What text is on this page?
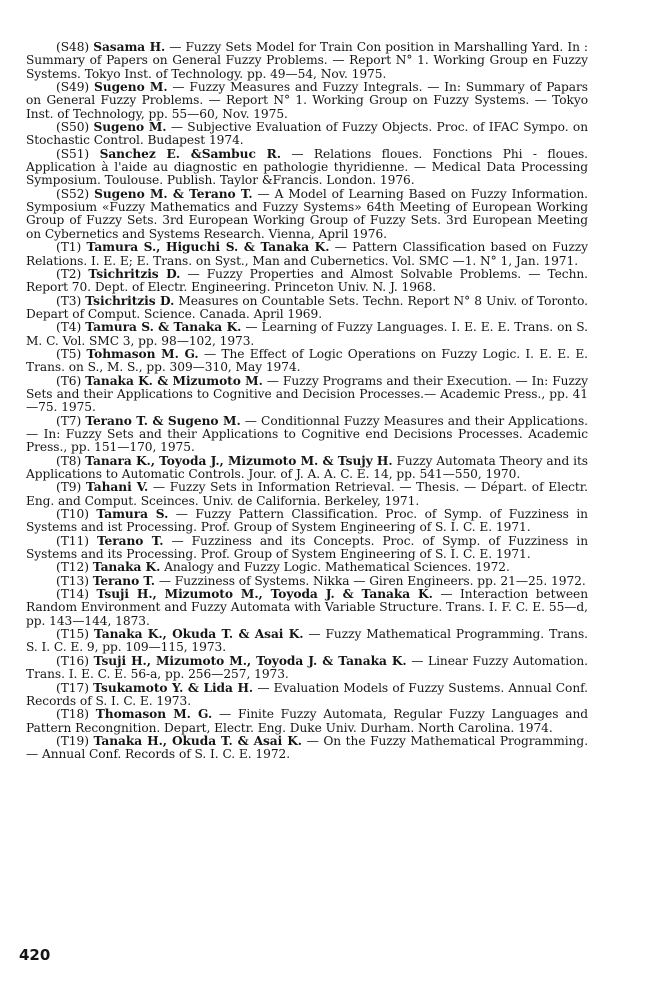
(S48) Sasama H. — Fuzzy Sets Model for Train Con position in Marshalling Yard. In : Summary of Papers on General Fuzzy Problems. — Report N° 1. Working Group en Fuzzy Systems. Tokyo Inst. of Technology. pp. 49—54, Nov. 1975.

(S49) Sugeno M. — Fuzzy Measures and Fuzzy Integrals. — In: Summary of Papars on General Fuzzy Problems. — Report N° 1. Working Group on Fuzzy Systems. — Tokyo Inst. of Technology, pp. 55—60, Nov. 1975.

(S50) Sugeno M. — Subjective Evaluation of Fuzzy Objects. Proc. of IFAC Sympo. on Stochastic Control. Budapest 1974.

(S51) Sanchez E. &Sambuc R. — Relations floues. Fonctions Phi - floues. Application à l'aide au diagnostic en pathologie thyridienne. — Medical Data Processing Symposium. Toulouse. Publish. Taylor &Francis. London. 1976.

(S52) Sugeno M. & Terano T. — A Model of Learning Based on Fuzzy Information. Symposium «Fuzzy Mathematics and Fuzzy Systems» 64th Meeting of European Working Group of Fuzzy Sets. 3rd European Working Group of Fuzzy Sets. 3rd European Meeting on Cybernetics and Systems Research. Vienna, April 1976.

(T1) Tamura S., Higuchi S. & Tanaka K. — Pattern Classification based on Fuzzy Relations. I. E. E; E. Trans. on Syst., Man and Cubernetics. Vol. SMC —1. N° 1, Jan. 1971.

(T2) Tsichritzis D. — Fuzzy Properties and Almost Solvable Problems. — Techn. Report 70. Dept. of Electr. Engineering. Princeton Univ. N. J. 1968.

(T3) Tsichritzis D. Measures on Countable Sets. Techn. Report N° 8 Univ. of Toronto. Depart of Comput. Science. Canada. April 1969.

(T4) Tamura S. & Tanaka K. — Learning of Fuzzy Languages. I. E. E. E. Trans. on S. M. C. Vol. SMC 3, pp. 98—102, 1973.

(T5) Tohmason M. G. — The Effect of Logic Operations on Fuzzy Logic. I. E. E. E. Trans. on S., M. S., pp. 309—310, May 1974.

(T6) Tanaka K. & Mizumoto M. — Fuzzy Programs and their Execution. — In: Fuzzy Sets and their Applications to Cognitive and Decision Processes.— Academic Press., pp. 41—75. 1975.

(T7) Terano T. & Sugeno M. — Conditionnal Fuzzy Measures and their Applications. — In: Fuzzy Sets and their Applications to Cognitive end Decisions Processes. Academic Press., pp. 151—170, 1975.

(T8) Tanara K., Toyoda J., Mizumoto M. & Tsujy H. Fuzzy Automata Theory and its Applications to Automatic Controls. Jour. of J. A. A. C. E. 14, pp. 541—550, 1970.

(T9) Tahani V. — Fuzzy Sets in Information Retrieval. — Thesis. — Départ. of Electr. Eng. and Comput. Sceinces. Univ. de California. Berkeley, 1971.

(T10) Tamura S. — Fuzzy Pattern Classification. Proc. of Symp. of Fuzziness in Systems and ist Processing. Prof. Group of System Engineering of S. I. C. E. 1971.

(T11) Terano T. — Fuzziness and its Concepts. Proc. of Symp. of Fuzziness in Systems and its Processing. Prof. Group of System Engineering of S. I. C. E. 1971.

(T12) Tanaka K. Analogy and Fuzzy Logic. Mathematical Sciences. 1972.

(T13) Terano T. — Fuzziness of Systems. Nikka — Giren Engineers. pp. 21—25. 1972.

(T14) Tsuji H., Mizumoto M., Toyoda J. & Tanaka K. — Interaction between Random Environment and Fuzzy Automata with Variable Structure. Trans. I. F. C. E. 55—d, pp. 143—144, 1873.

(T15) Tanaka K., Okuda T. & Asai K. — Fuzzy Mathematical Programming. Trans. S. I. C. E. 9, pp. 109—115, 1973.

(T16) Tsuji H., Mizumoto M., Toyoda J. & Tanaka K. — Linear Fuzzy Automation. Trans. I. E. C. E. 56-a, pp. 256—257, 1973.

(T17) Tsukamoto Y. & Lida H. — Evaluation Models of Fuzzy Sustems. Annual Conf. Records of S. I. C. E. 1973.

(T18) Thomason M. G. — Finite Fuzzy Automata, Regular Fuzzy Languages and Pattern Recongnition. Depart, Electr. Eng. Duke Univ. Durham. North Carolina. 1974.

(T19) Tanaka H., Okuda T. & Asai K. — On the Fuzzy Mathematical Programming. — Annual Conf. Records of S. I. C. E. 1972.

420
